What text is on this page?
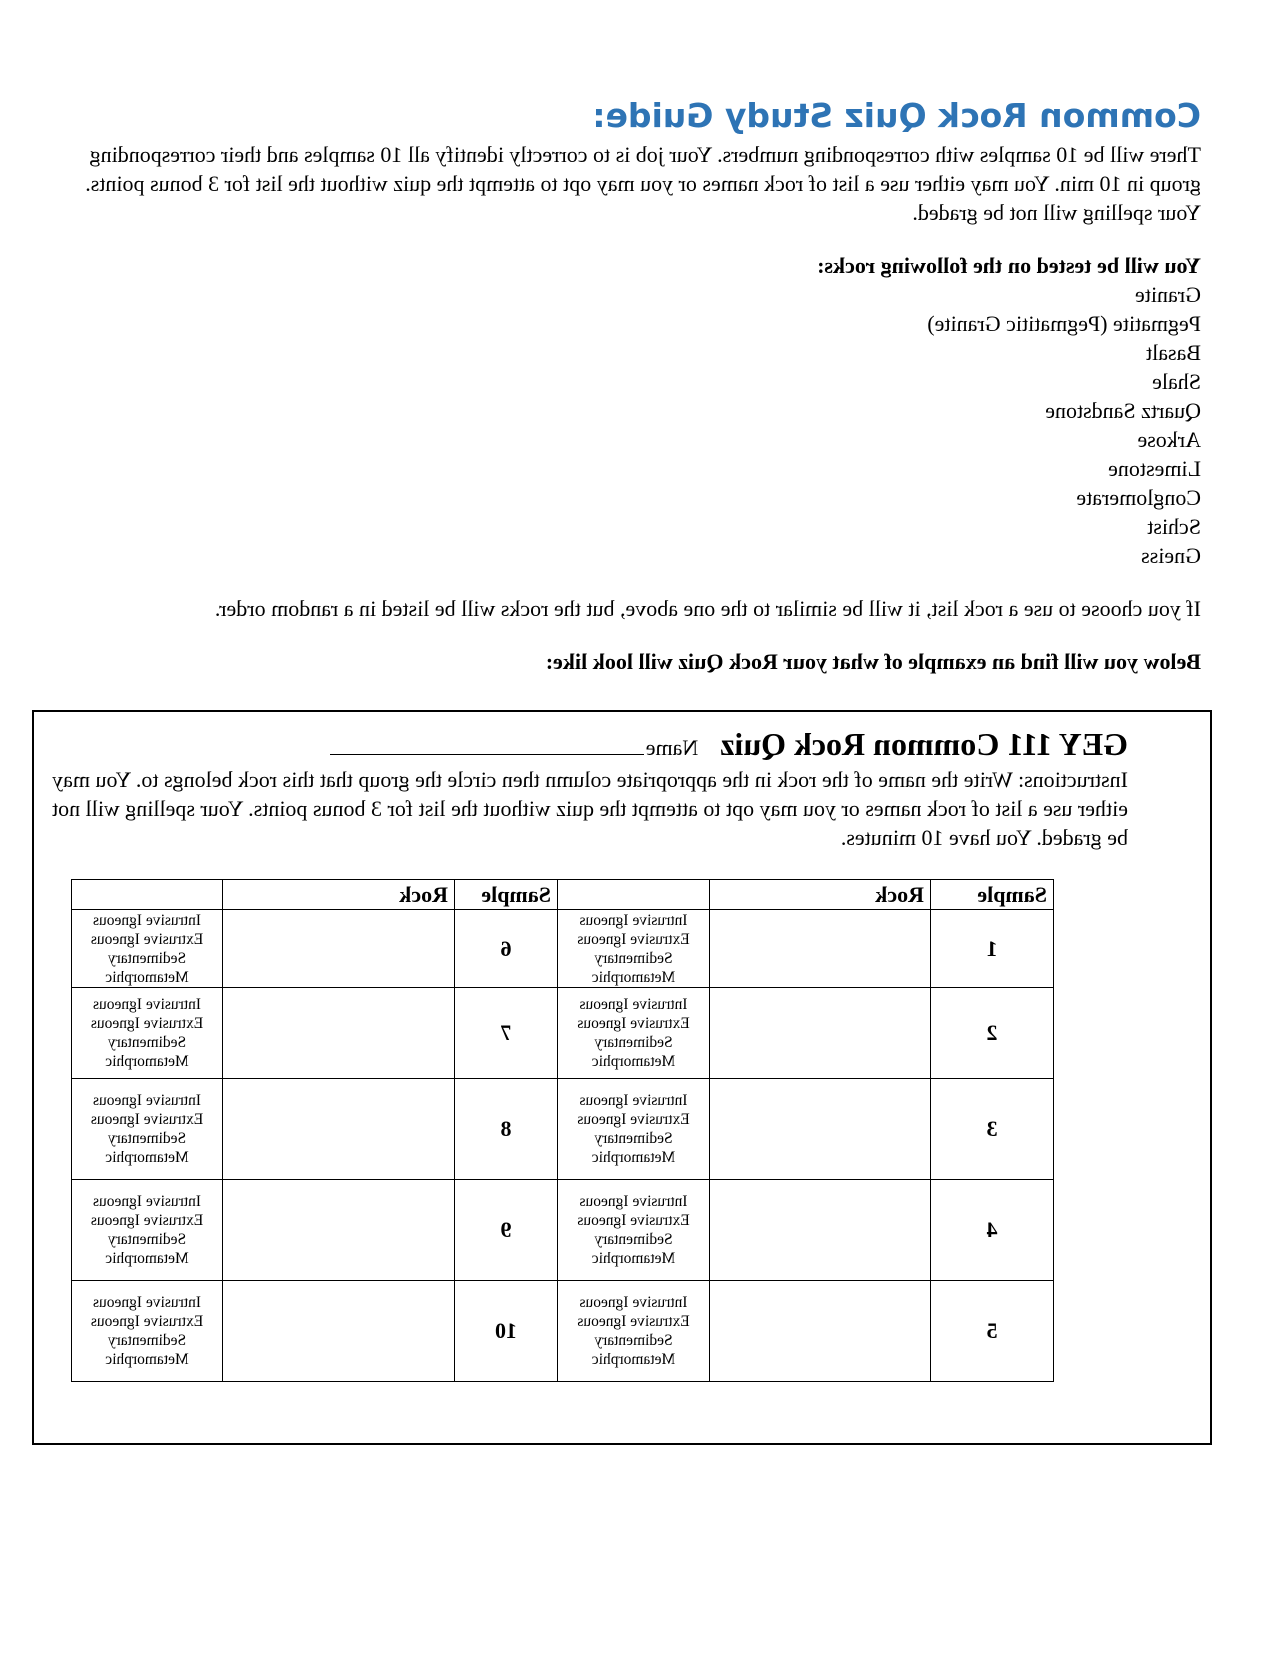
Common Rock Quiz Study Guide:

There will be 10 samples with corresponding numbers. Your job is to correctly identify all 10 samples and their corresponding group in 10 min. You may either use a list of rock names or you may opt to attempt the quiz without the list for 3 bonus points. Your spelling will not be graded.

You will be tested on the following rocks:

Granite
Pegmatite (Pegmatitic Granite)
Basalt
Shale
Quartz Sandstone
Arkose
Limestone
Conglomerate
Schist
Gneiss

If you choose to use a rock list, it will be similar to the one above, but the rocks will be listed in a random order.

Below you will find an example of what your Rock Quiz will look like:

GEY 111 Common Rock Quiz
Name

Instructions: Write the name of the rock in the appropriate column then circle the group that this rock belongs to. You may either use a list of rock names or you may opt to attempt the quiz without the list for 3 bonus points. Your spelling will not be graded. You have 10 minutes.

Sample	Rock		Sample	Rock	
1		Intrusive Igneous
Extrusive Igneous
Sedimentary
Metamorphic	6		Intrusive Igneous
Extrusive Igneous
Sedimentary
Metamorphic

2		Intrusive Igneous
Extrusive Igneous
Sedimentary
Metamorphic	7		Intrusive Igneous
Extrusive Igneous
Sedimentary
Metamorphic

3		Intrusive Igneous
Extrusive Igneous
Sedimentary
Metamorphic	8		Intrusive Igneous
Extrusive Igneous
Sedimentary
Metamorphic

4		Intrusive Igneous
Extrusive Igneous
Sedimentary
Metamorphic	9		Intrusive Igneous
Extrusive Igneous
Sedimentary
Metamorphic

5		Intrusive Igneous
Extrusive Igneous
Sedimentary
Metamorphic	10		Intrusive Igneous
Extrusive Igneous
Sedimentary
Metamorphic
